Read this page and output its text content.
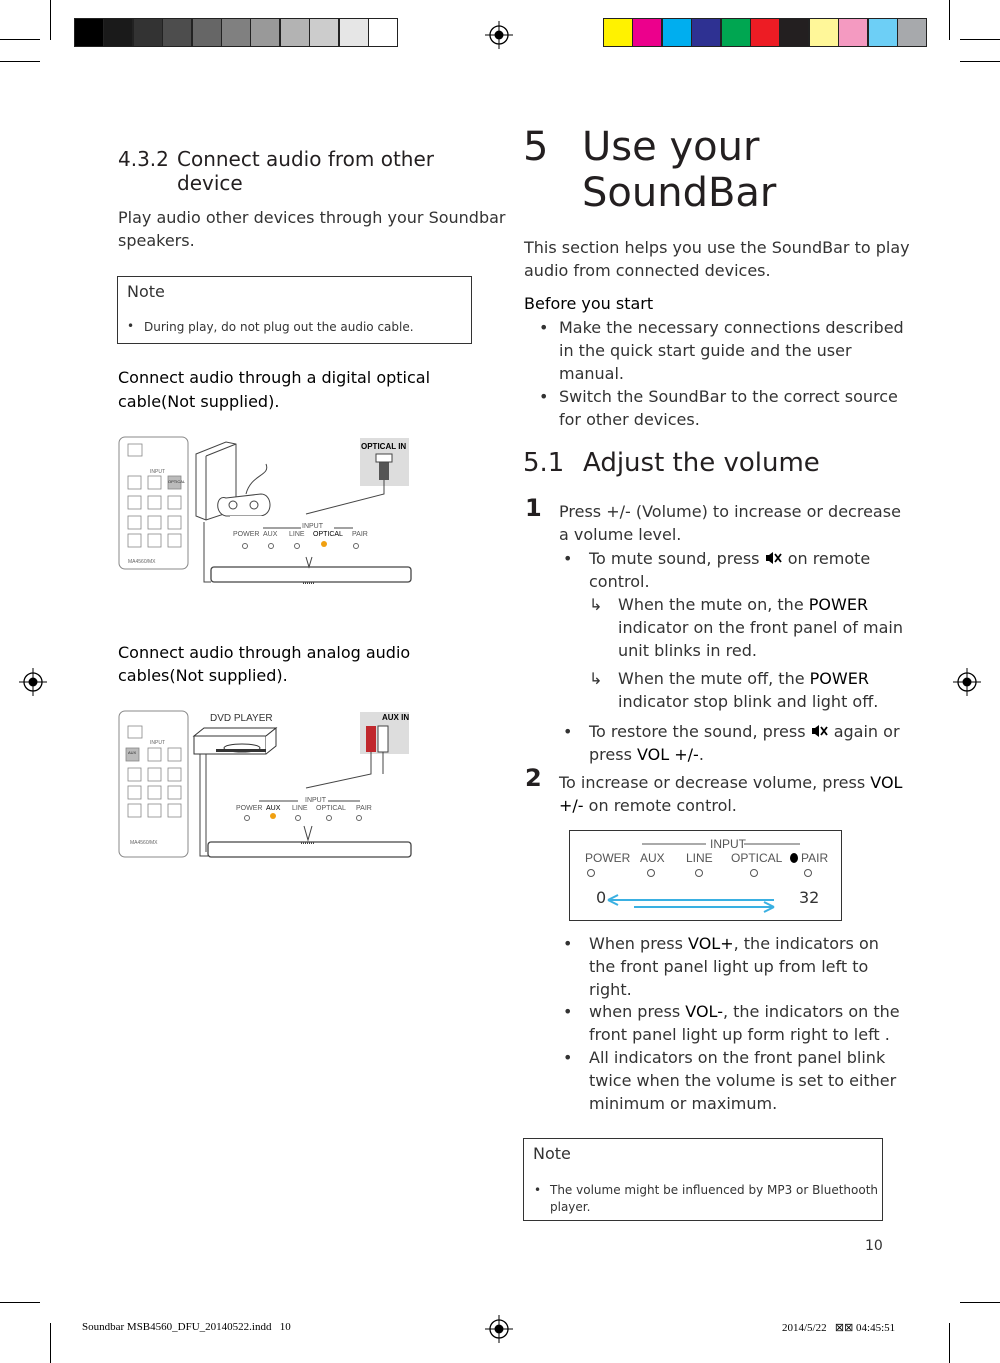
4.3.2 Connect audio from other
device
Play audio other devices through your Soundbar
speakers.
Note
• During play, do not plug out the audio cable.
Connect audio through a digital optical
cable(Not supplied).
INPUT
OPTICAL
MA4560/MX
OPTICAL IN
INPUT
POWER AUX LINE OPTICAL PAIR
Connect audio through analog audio
cables(Not supplied).
AUX
INPUT
MA4560/MX
DVD PLAYER	AUX IN
INPUT
POWER AUX LINE OPTICAL PAIR
5 Use your
SoundBar
This section helps you use the SoundBar to play
audio from connected devices.
Before you start
• Make the necessary connections described
in the quick start guide and the user
manual.
• Switch the SoundBar to the correct source
for other devices.
5.1 Adjust the volume
1 Press +/- (Volume) to increase or decrease
a volume level.
• To mute sound, press on remote
control.
↳ When the mute on, the POWER
indicator on the front panel of main
unit blinks in red.
↳ When the mute off, the POWER
indicator stop blink and light off.
• To restore the sound, press again or
press VOL +/-.
2 To increase or decrease volume, press VOL
+/- on remote control.
INPUT
POWER AUX LINE OPTICAL PAIR
0	32
• When press VOL+, the indicators on
the front panel light up from left to
right.
• when press VOL-, the indicators on the
front panel light up form right to left .
• All indicators on the front panel blink
twice when the volume is set to either
minimum or maximum.
Note
• The volume might be influenced by MP3 or Bluethooth
player.
10
Soundbar MSB4560_DFU_20140522.indd   10	2014/5/22   ⊠⊠ 04:45:51
